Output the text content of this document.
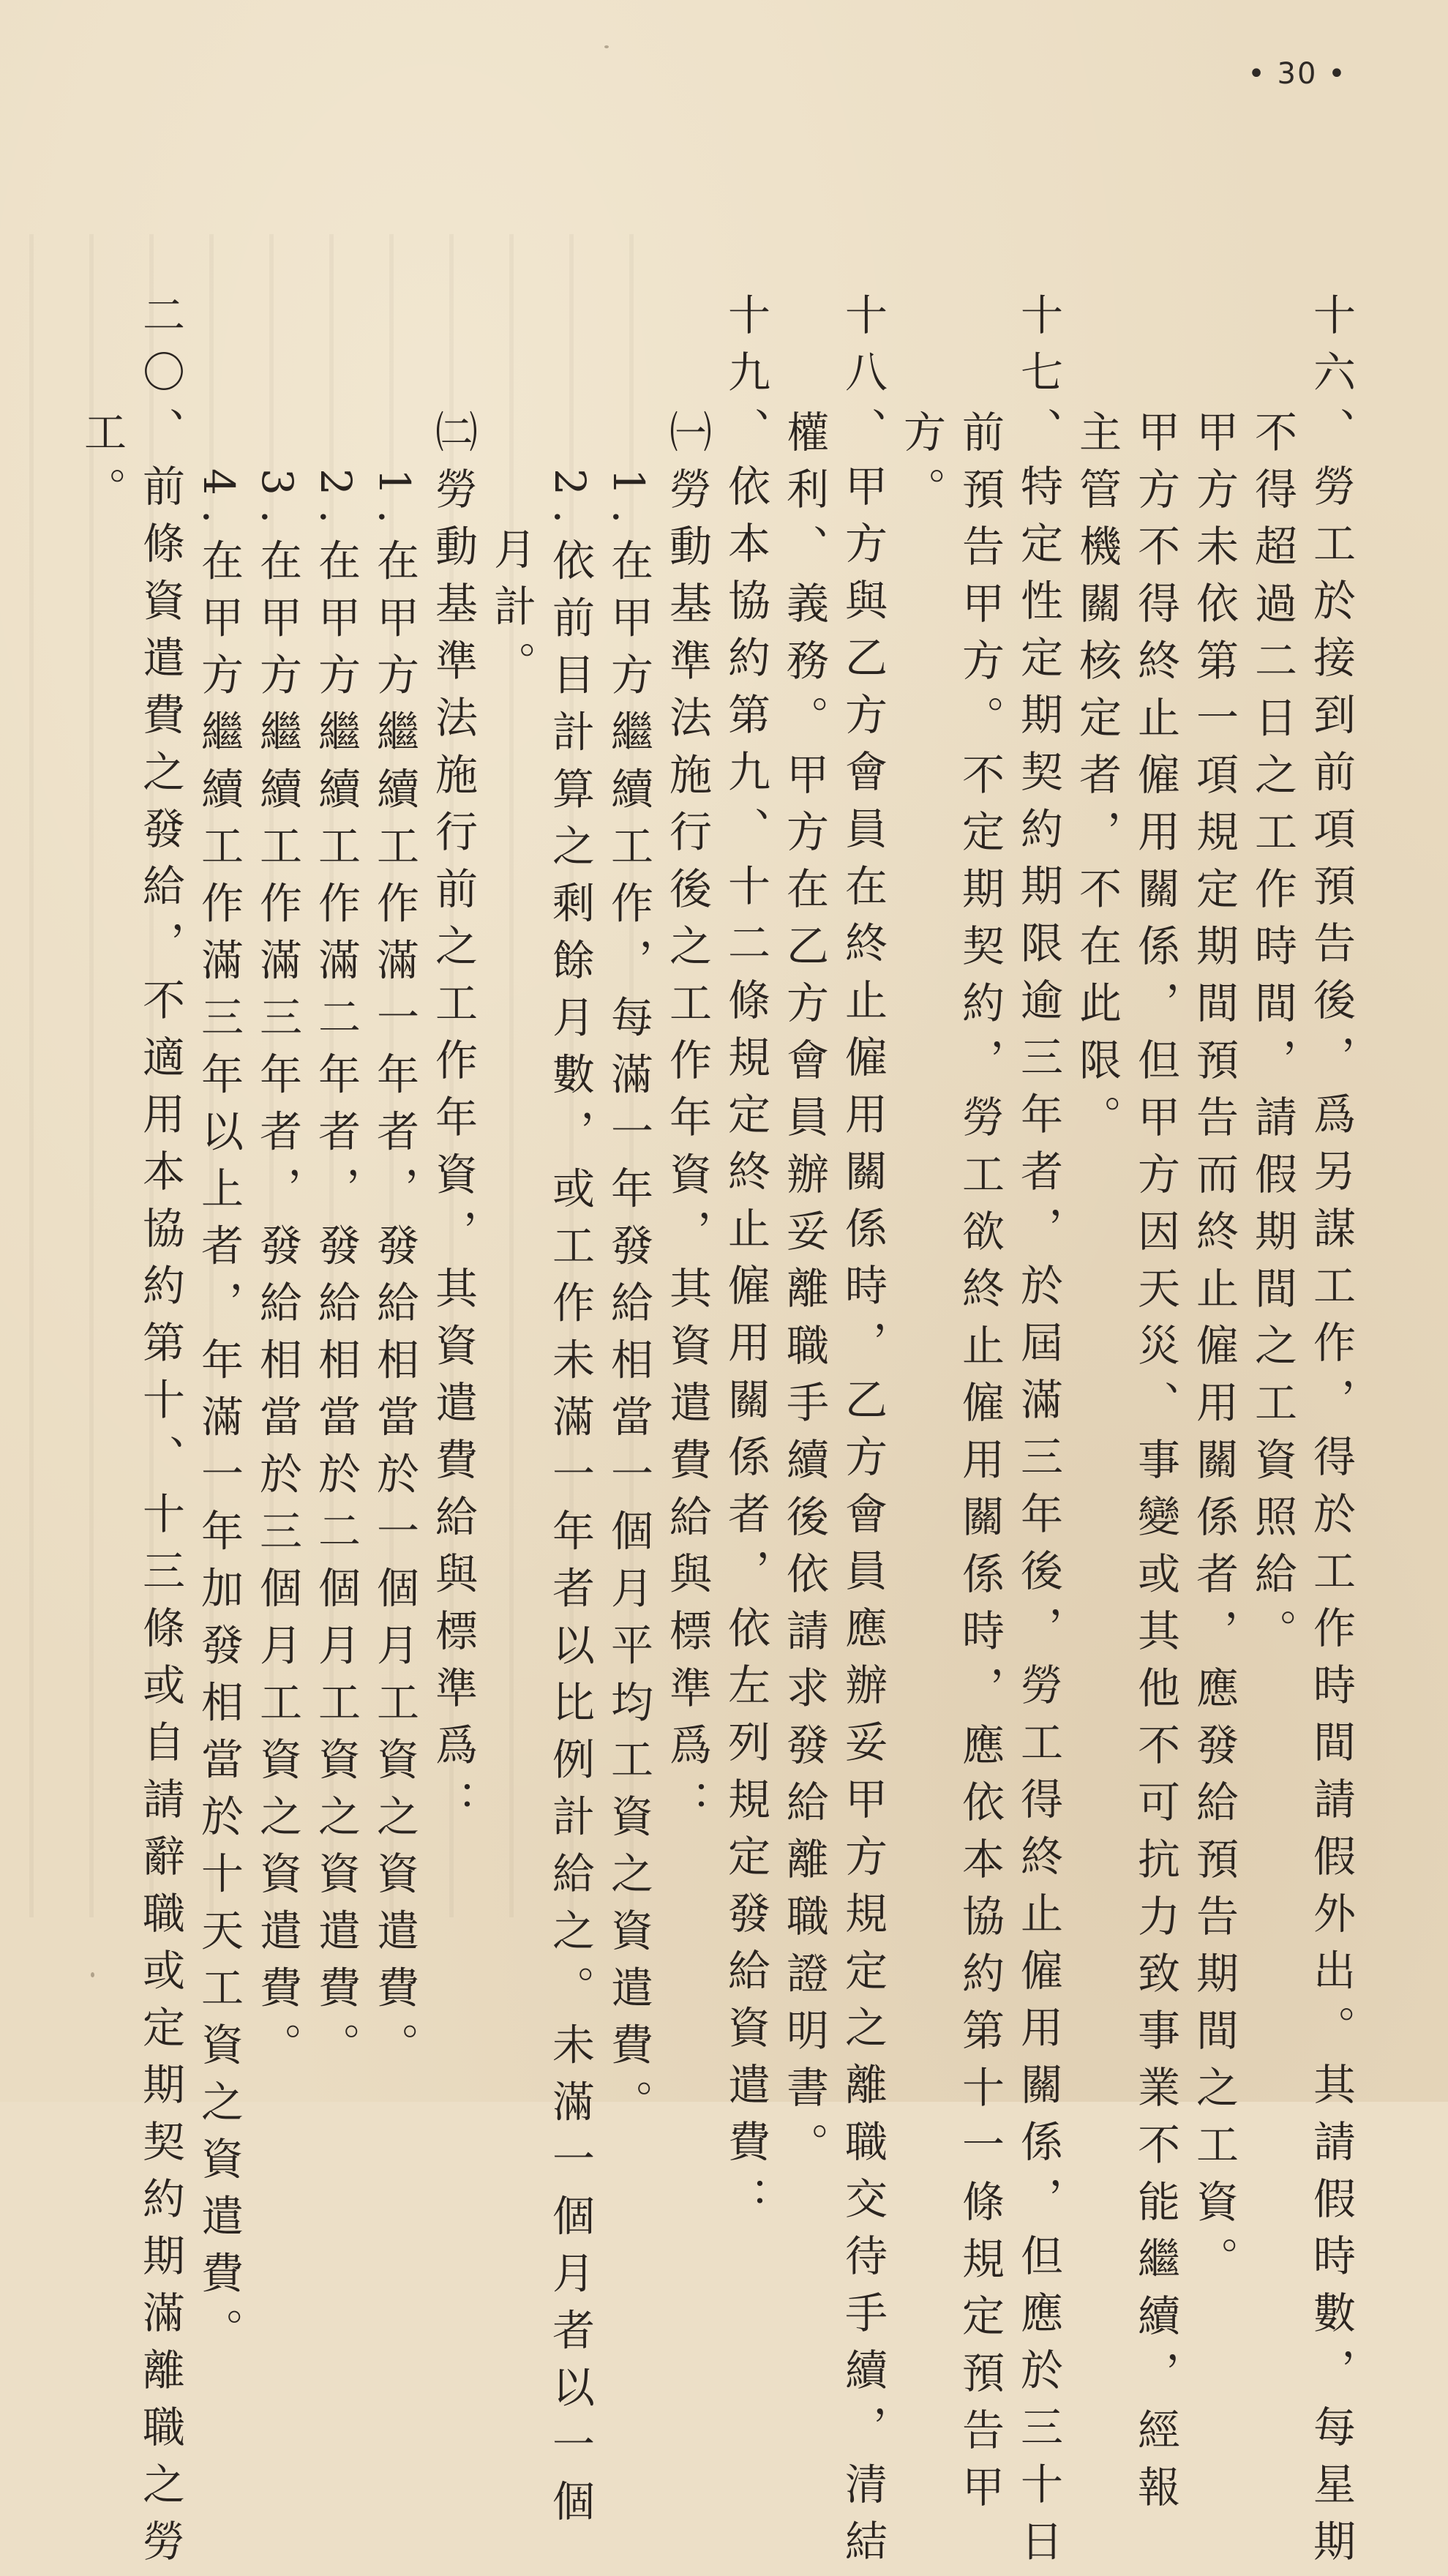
• 30 •
十六、勞工於接到前項預告後，爲另謀工作，得於工作時間請假外出。其請假時數，每星期
不得超過二日之工作時間，請假期間之工資照給。
甲方未依第一項規定期間預告而終止僱用關係者，應發給預告期間之工資。
甲方不得終止僱用關係，但甲方因天災、事變或其他不可抗力致事業不能繼續，經報
主管機關核定者，不在此限。
十七、特定性定期契約期限逾三年者，於屆滿三年後，勞工得終止僱用關係，但應於三十日
前預告甲方。不定期契約，勞工欲終止僱用關係時，應依本協約第十一條規定預告甲
方。
十八、甲方與乙方會員在終止僱用關係時，乙方會員應辦妥甲方規定之離職交待手續，清結
權利、義務。甲方在乙方會員辦妥離職手續後依請求發給離職證明書。
十九、依本協約第九、十二條規定終止僱用關係者，依左列規定發給資遣費：
㈠勞動基準法施行後之工作年資，其資遣費給與標準爲：
1.在甲方繼續工作，每滿一年發給相當一個月平均工資之資遣費。
2.依前目計算之剩餘月數，或工作未滿一年者以比例計給之。未滿一個月者以一個
月計。
㈡勞動基準法施行前之工作年資，其資遣費給與標準爲：
1.在甲方繼續工作滿一年者，發給相當於一個月工資之資遣費。
2.在甲方繼續工作滿二年者，發給相當於二個月工資之資遣費。
3.在甲方繼續工作滿三年者，發給相當於三個月工資之資遣費。
4.在甲方繼續工作滿三年以上者，年滿一年加發相當於十天工資之資遣費。
二〇、前條資遣費之發給，不適用本協約第十、十三條或自請辭職或定期契約期滿離職之勞
工。
